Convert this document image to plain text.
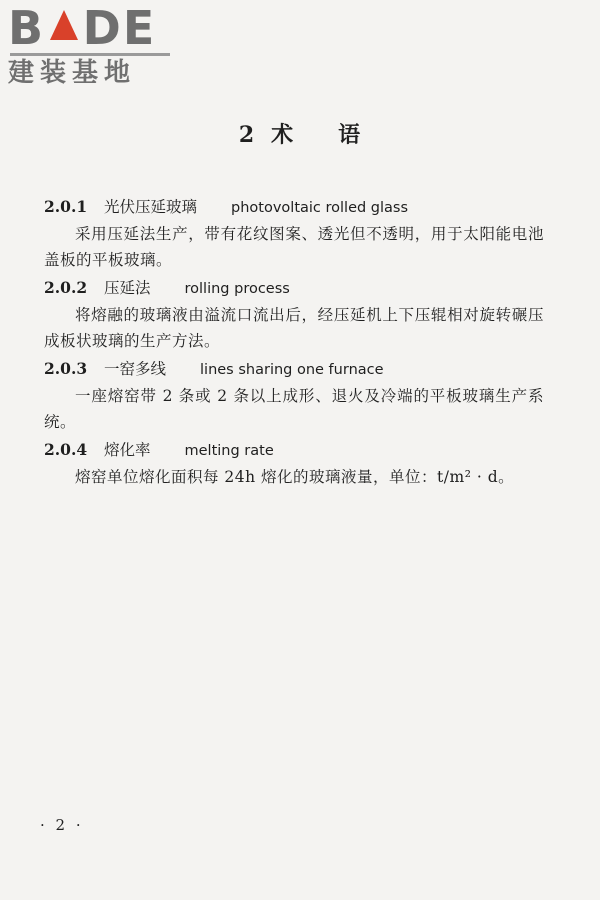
B DE
建装基地
2 术 语
2.0.1 光伏压延玻璃 photovoltaic rolled glass

采用压延法生产，带有花纹图案、透光但不透明，用于太阳能电池盖板的平板玻璃。

2.0.2 压延法 rolling process

将熔融的玻璃液由溢流口流出后，经压延机上下压辊相对旋转碾压成板状玻璃的生产方法。

2.0.3 一窑多线 lines sharing one furnace

一座熔窑带 2 条或 2 条以上成形、退火及冷端的平板玻璃生产系统。

2.0.4 熔化率 melting rate

熔窑单位熔化面积每 24h 熔化的玻璃液量，单位：t/m² · d。

· 2 ·
